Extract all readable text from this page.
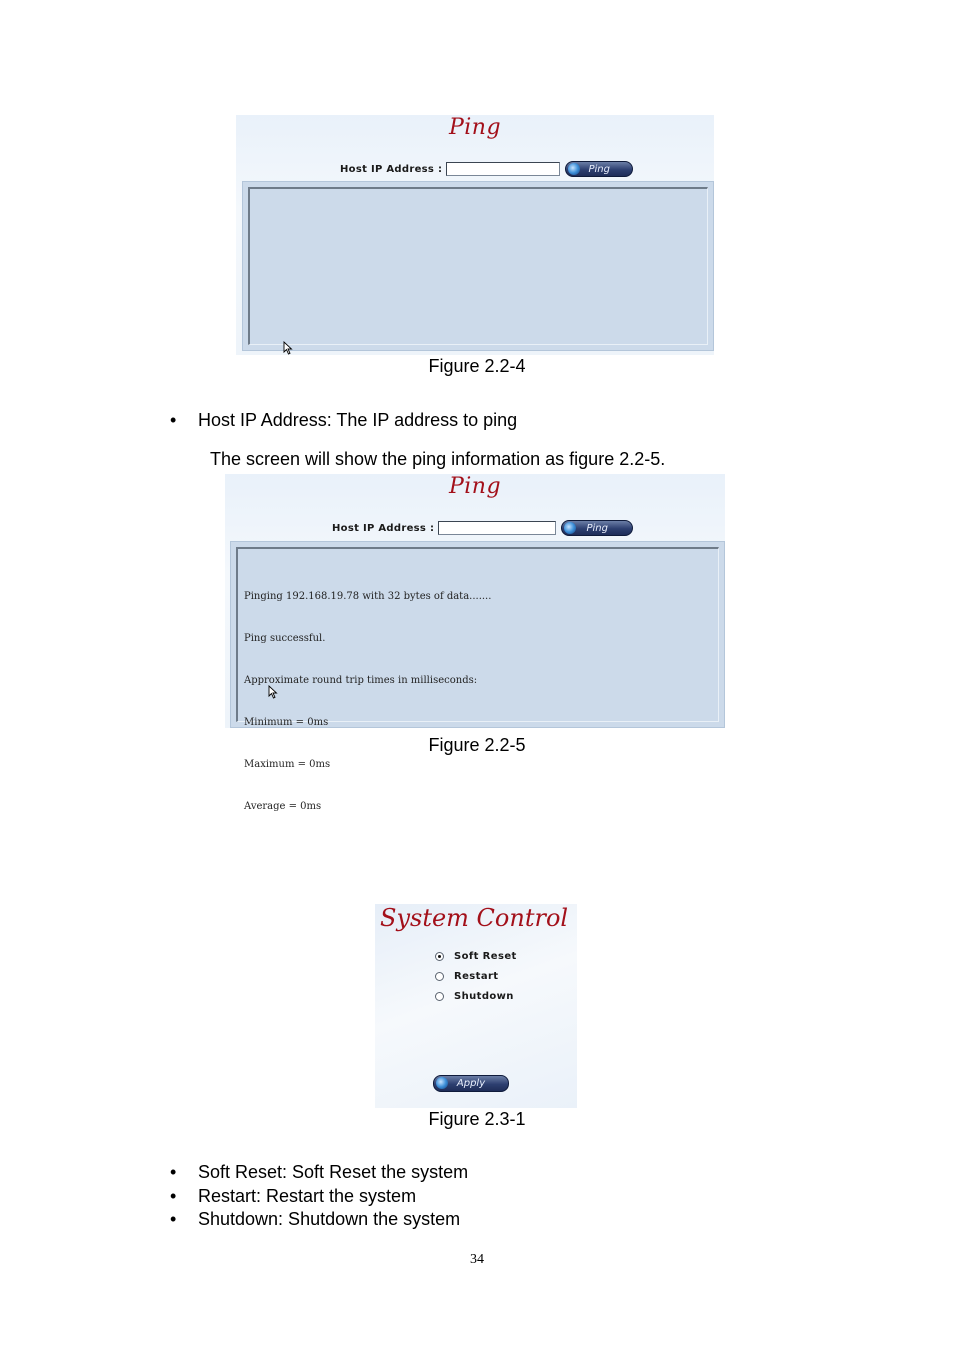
Ping
Host IP Address :	Ping
Figure 2.2-4
• Host IP Address: The IP address to ping
The screen will show the ping information as figure 2.2-5.
Ping
Host IP Address :	Ping

Pinging 192.168.19.78 with 32 bytes of data.......

Ping successful.

Approximate round trip times in milliseconds:

Minimum = 0ms

Maximum = 0ms

Average = 0ms

Figure 2.2-5
System Control
Soft Reset
Restart
Shutdown
Apply
Figure 2.3-1
• Soft Reset: Soft Reset the system
• Restart: Restart the system
• Shutdown: Shutdown the system
34
